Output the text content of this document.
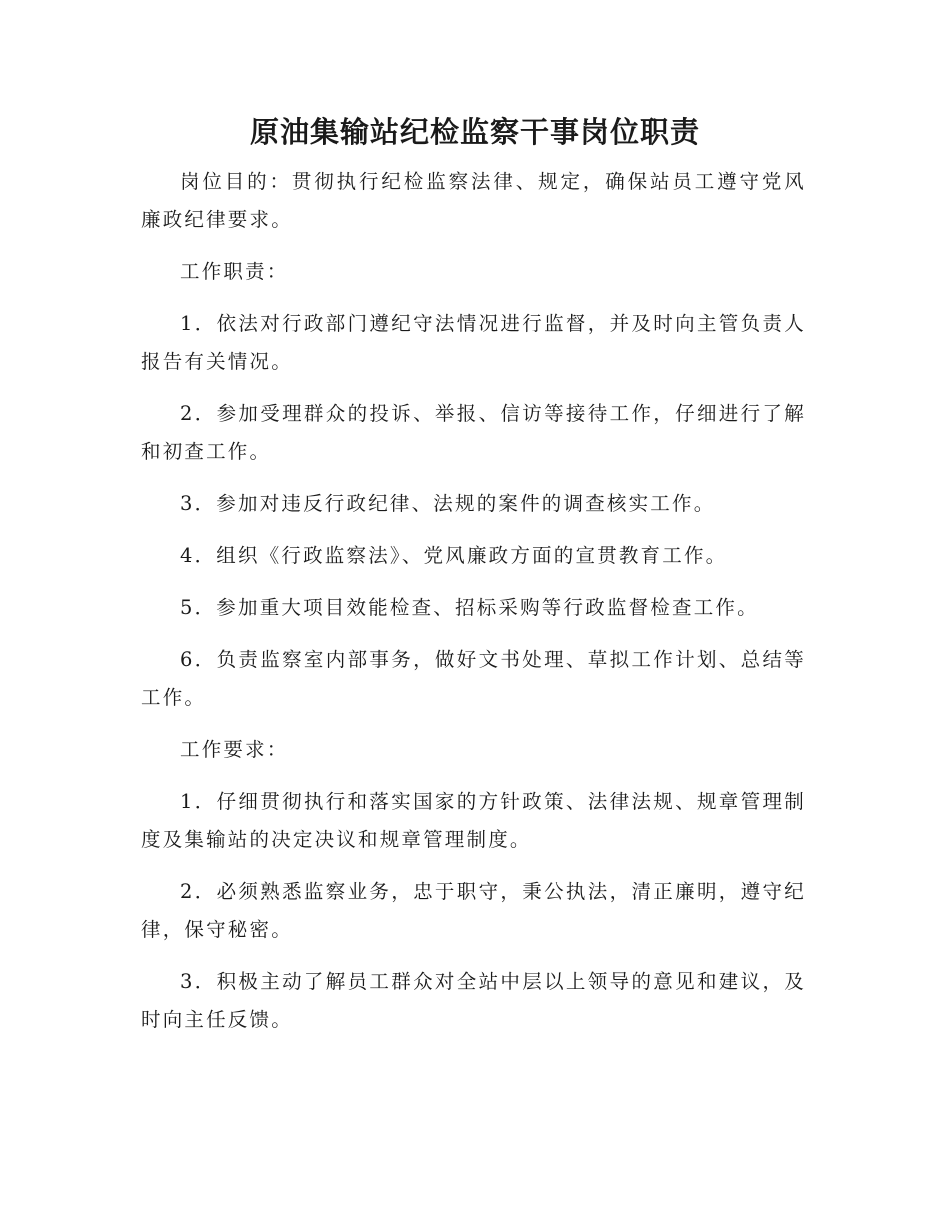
原油集输站纪检监察干事岗位职责

岗位目的：贯彻执行纪检监察法律、规定，确保站员工遵守党风廉政纪律要求。

工作职责：

1．依法对行政部门遵纪守法情况进行监督，并及时向主管负责人报告有关情况。

2．参加受理群众的投诉、举报、信访等接待工作，仔细进行了解和初查工作。

3．参加对违反行政纪律、法规的案件的调查核实工作。

4．组织《行政监察法》、党风廉政方面的宣贯教育工作。

5．参加重大项目效能检查、招标采购等行政监督检查工作。

6．负责监察室内部事务，做好文书处理、草拟工作计划、总结等工作。

工作要求：

1．仔细贯彻执行和落实国家的方针政策、法律法规、规章管理制度及集输站的决定决议和规章管理制度。

2．必须熟悉监察业务，忠于职守，秉公执法，清正廉明，遵守纪律，保守秘密。

3．积极主动了解员工群众对全站中层以上领导的意见和建议，及时向主任反馈。
